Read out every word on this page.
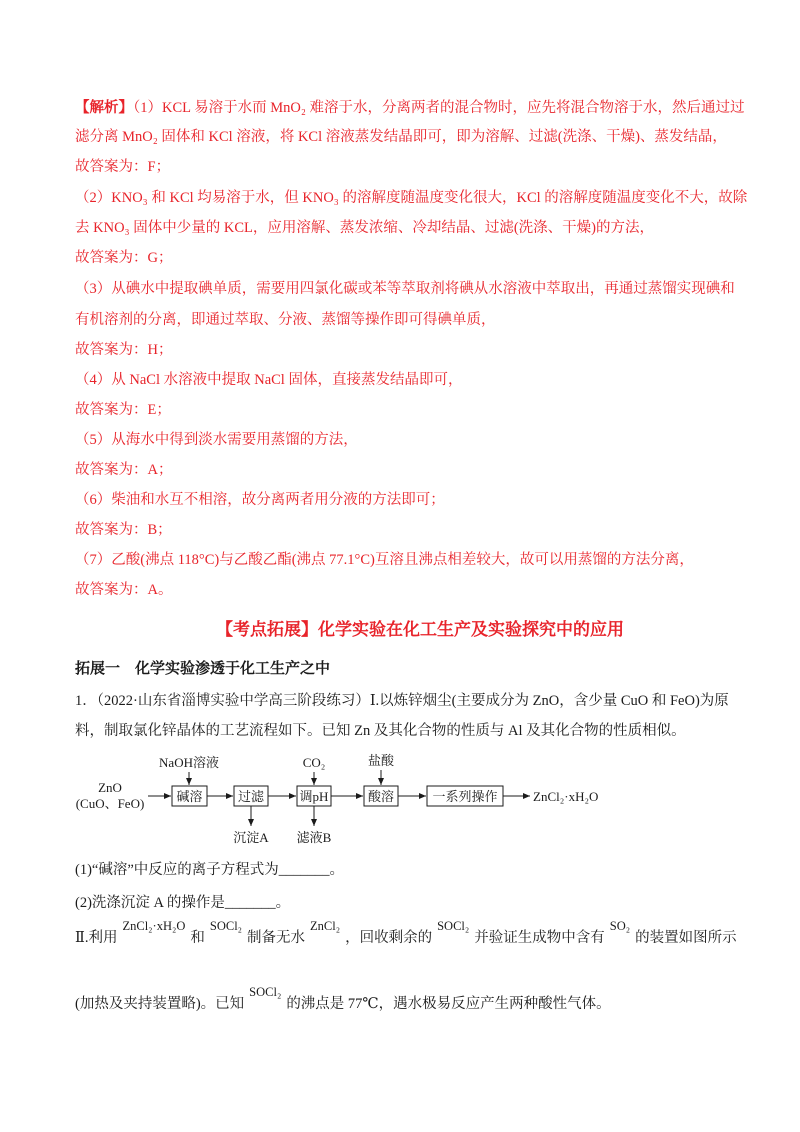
【解析】（1）KCL 易溶于水而 MnO₂ 难溶于水，分离两者的混合物时，应先将混合物溶于水，然后通过过
滤分离 MnO₂ 固体和 KCl 溶液，将 KCl 溶液蒸发结晶即可，即为溶解、过滤(洗涤、干燥)、蒸发结晶，
故答案为：F；
（2）KNO₃ 和 KCl 均易溶于水，但 KNO₃ 的溶解度随温度变化很大，KCl 的溶解度随温度变化不大，故除
去 KNO₃ 固体中少量的 KCL，应用溶解、蒸发浓缩、冷却结晶、过滤(洗涤、干燥)的方法，
故答案为：G；
（3）从碘水中提取碘单质，需要用四氯化碳或苯等萃取剂将碘从水溶液中萃取出，再通过蒸馏实现碘和
有机溶剂的分离，即通过萃取、分液、蒸馏等操作即可得碘单质，
故答案为：H；
（4）从 NaCl 水溶液中提取 NaCl 固体，直接蒸发结晶即可，
故答案为：E；
（5）从海水中得到淡水需要用蒸馏的方法，
故答案为：A；
（6）柴油和水互不相溶，故分离两者用分液的方法即可；
故答案为：B；
（7）乙酸(沸点 118°C)与乙酸乙酯(沸点 77.1°C)互溶且沸点相差较大，故可以用蒸馏的方法分离，
故答案为：A。
【考点拓展】化学实验在化工生产及实验探究中的应用
拓展一　化学实验渗透于化工生产之中
1．（2022·山东省淄博实验中学高三阶段练习）Ⅰ.以炼锌烟尘(主要成分为 ZnO，含少量 CuO 和 FeO)为原
料，制取氯化锌晶体的工艺流程如下。已知 Zn 及其化合物的性质与 Al 及其化合物的性质相似。
ZnO
(CuO、FeO)
NaOH溶液
碱溶	过滤
沉淀A
CO₂
调pH
滤液B
盐酸
酸溶	一系列操作	ZnCl₂·xH₂O
(1)“碱溶”中反应的离子方程式为_______。
(2)洗涤沉淀 A 的操作是_______。
Ⅱ.利用ZnCl₂·xH₂O和SOCl₂制备无水ZnCl₂，回收剩余的SOCl₂并验证生成物中含有SO₂的装置如图所示
(加热及夹持装置略)。已知SOCl₂的沸点是 77℃，遇水极易反应产生两种酸性气体。
